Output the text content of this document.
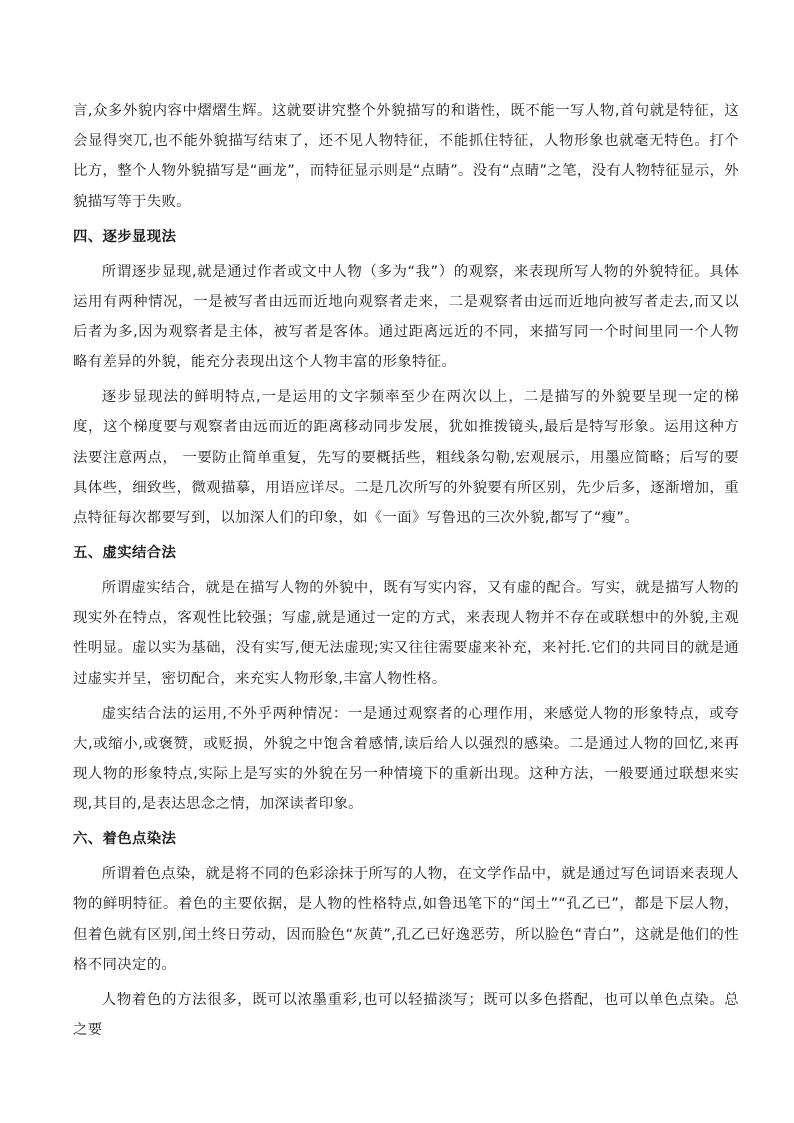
言,众多外貌内容中熠熠生辉。这就要讲究整个外貌描写的和谐性，既不能一写人物,首句就是特征，这会显得突兀,也不能外貌描写结束了，还不见人物特征，不能抓住特征，人物形象也就毫无特色。打个比方，整个人物外貌描写是“画龙”，而特征显示则是“点睛”。没有“点睛”之笔，没有人物特征显示，外貌描写等于失败。

四、逐步显现法

所谓逐步显现,就是通过作者或文中人物（多为“我”）的观察，来表现所写人物的外貌特征。具体运用有两种情况，一是被写者由远而近地向观察者走来，二是观察者由远而近地向被写者走去,而又以后者为多,因为观察者是主体，被写者是客体。通过距离远近的不同，来描写同一个时间里同一个人物略有差异的外貌，能充分表现出这个人物丰富的形象特征。

逐步显现法的鲜明特点,一是运用的文字频率至少在两次以上，二是描写的外貌要呈现一定的梯度，这个梯度要与观察者由远而近的距离移动同步发展，犹如推拨镜头,最后是特写形象。运用这种方法要注意两点， 一要防止简单重复，先写的要概括些，粗线条勾勒,宏观展示，用墨应简略；后写的要具体些，细致些，微观描摹，用语应详尽。二是几次所写的外貌要有所区别，先少后多，逐渐增加，重点特征每次都要写到，以加深人们的印象，如《一面》写鲁迅的三次外貌,都写了“瘦”。

五、虚实结合法

所谓虚实结合，就是在描写人物的外貌中，既有写实内容，又有虚的配合。写实，就是描写人物的现实外在特点，客观性比较强；写虚,就是通过一定的方式，来表现人物并不存在或联想中的外貌,主观性明显。虚以实为基础，没有实写,便无法虚现;实又往往需要虚来补充，来衬托.它们的共同目的就是通过虚实并呈，密切配合，来充实人物形象,丰富人物性格。

虚实结合法的运用,不外乎两种情况：一是通过观察者的心理作用，来感觉人物的形象特点，或夸大,或缩小,或褒赞，或贬损，外貌之中饱含着感情,读后给人以强烈的感染。二是通过人物的回忆,来再现人物的形象特点,实际上是写实的外貌在另一种情境下的重新出现。这种方法，一般要通过联想来实现,其目的,是表达思念之情，加深读者印象。

六、着色点染法

所谓着色点染，就是将不同的色彩涂抹于所写的人物，在文学作品中，就是通过写色词语来表现人物的鲜明特征。着色的主要依据，是人物的性格特点,如鲁迅笔下的“闰土”“孔乙已”，都是下层人物，但着色就有区别,闰土终日劳动，因而脸色“灰黄”,孔乙已好逸恶劳，所以脸色“青白”，这就是他们的性格不同决定的。

人物着色的方法很多，既可以浓墨重彩,也可以轻描淡写；既可以多色搭配，也可以单色点染。总之要
